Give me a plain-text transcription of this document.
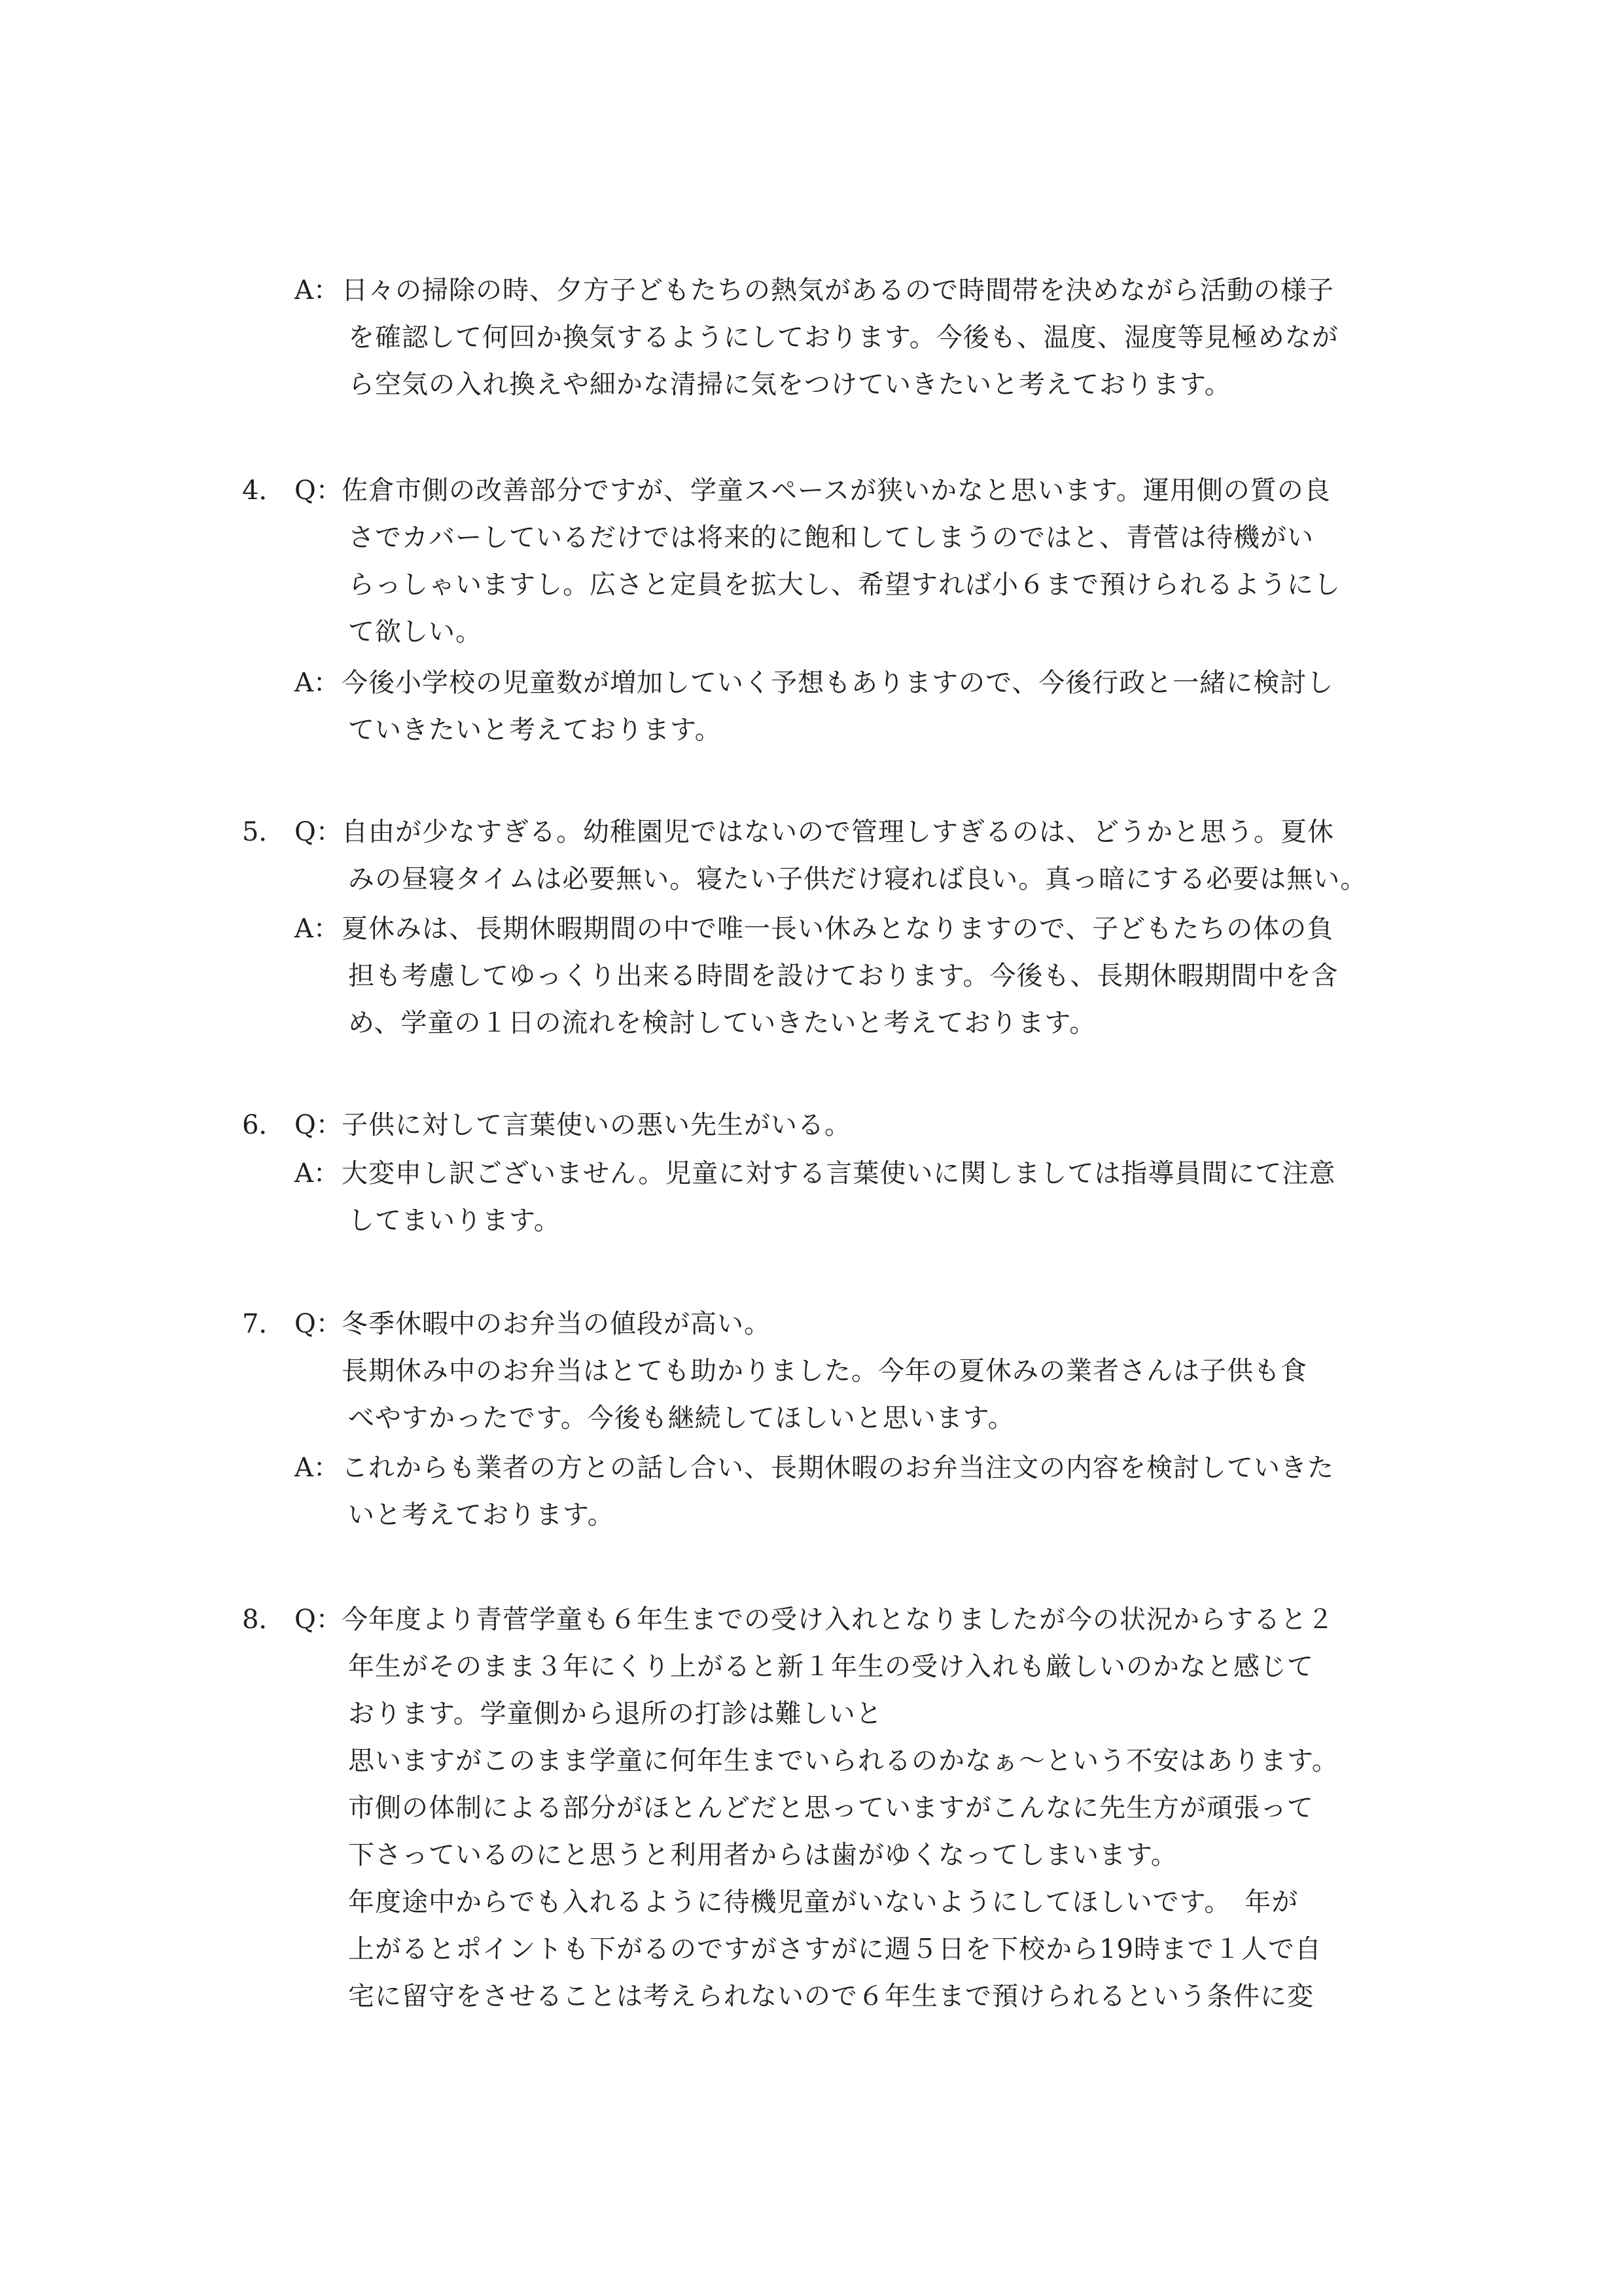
A： 日々の掃除の時、夕方子どもたちの熱気があるので時間帯を決めながら活動の様子
を確認して何回か換気するようにしております。今後も、温度、湿度等見極めなが
ら空気の入れ換えや細かな清掃に気をつけていきたいと考えております。
4． Q： 佐倉市側の改善部分ですが、学童スペースが狭いかなと思います。運用側の質の良
さでカバーしているだけでは将来的に飽和してしまうのではと、青菅は待機がい
らっしゃいますし。広さと定員を拡大し、希望すれば小６まで預けられるようにし
て欲しい。
A： 今後小学校の児童数が増加していく予想もありますので、今後行政と一緒に検討し
ていきたいと考えております。
5． Q： 自由が少なすぎる。幼稚園児ではないので管理しすぎるのは、どうかと思う。夏休
みの昼寝タイムは必要無い。寝たい子供だけ寝れば良い。真っ暗にする必要は無い。
A： 夏休みは、長期休暇期間の中で唯一長い休みとなりますので、子どもたちの体の負
担も考慮してゆっくり出来る時間を設けております。今後も、長期休暇期間中を含
め、学童の１日の流れを検討していきたいと考えております。
6． Q： 子供に対して言葉使いの悪い先生がいる。
A： 大変申し訳ございません。児童に対する言葉使いに関しましては指導員間にて注意
してまいります。
7． Q： 冬季休暇中のお弁当の値段が高い。
長期休み中のお弁当はとても助かりました。今年の夏休みの業者さんは子供も食
べやすかったです。今後も継続してほしいと思います。
A： これからも業者の方との話し合い、長期休暇のお弁当注文の内容を検討していきた
いと考えております。
8． Q： 今年度より青菅学童も６年生までの受け入れとなりましたが今の状況からすると２
年生がそのまま３年にくり上がると新１年生の受け入れも厳しいのかなと感じて
おります。学童側から退所の打診は難しいと
思いますがこのまま学童に何年生までいられるのかなぁ～という不安はあります。
市側の体制による部分がほとんどだと思っていますがこんなに先生方が頑張って
下さっているのにと思うと利用者からは歯がゆくなってしまいます。
年度途中からでも入れるように待機児童がいないようにしてほしいです。　年が
上がるとポイントも下がるのですがさすがに週５日を下校から19時まで１人で自
宅に留守をさせることは考えられないので６年生まで預けられるという条件に変
